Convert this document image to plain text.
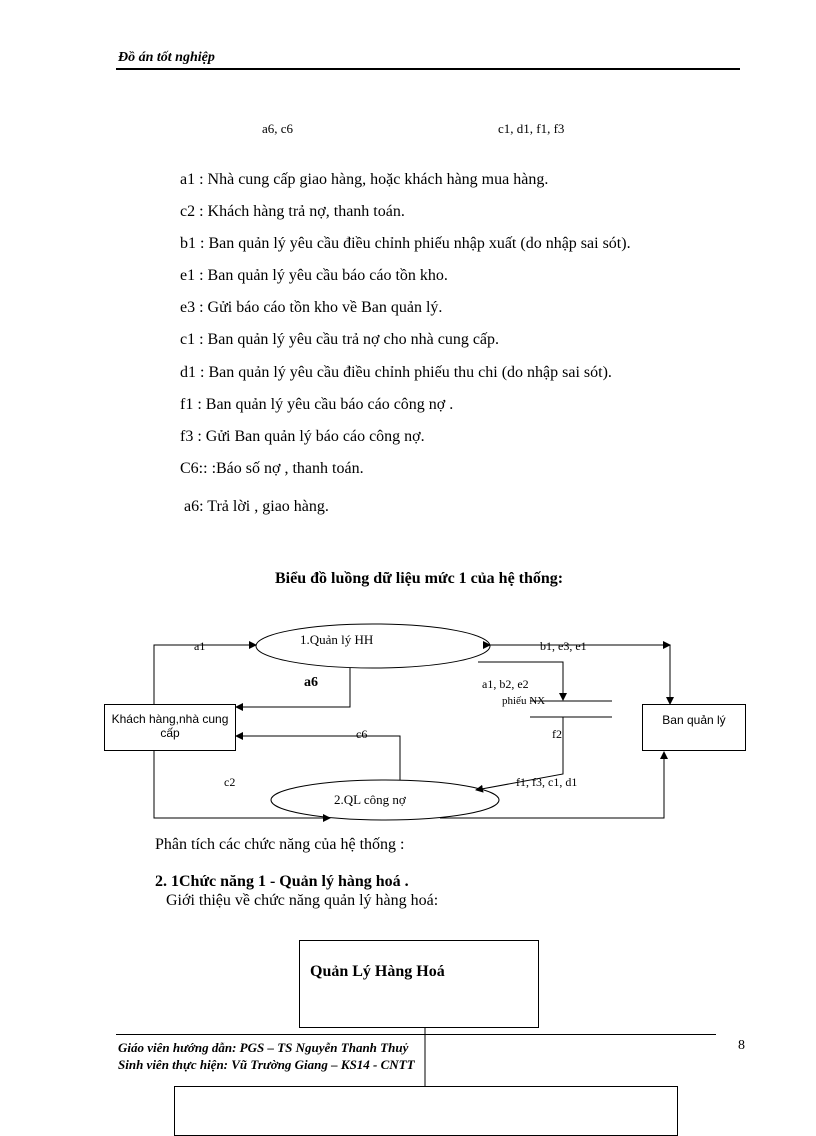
Đồ án tốt nghiệp
a6, c6	c1, d1, f1, f3
a1 : Nhà cung cấp giao hàng, hoặc khách hàng mua hàng.
c2 : Khách hàng trả nợ, thanh toán.
b1 : Ban quản lý yêu cầu điều chỉnh phiếu nhập xuất (do nhập sai sót).
e1 : Ban quản lý yêu cầu báo cáo tồn kho.
e3 : Gửi báo cáo tồn kho về Ban quản lý.
c1 : Ban quản lý yêu cầu trả nợ cho nhà cung cấp.
d1 : Ban quản lý yêu cầu điều chỉnh phiếu thu chi (do nhập sai sót).
f1 : Ban quản lý yêu cầu báo cáo công nợ .
f3 : Gửi Ban quản lý báo cáo công nợ.
C6:: :Báo số nợ , thanh toán.
a6: Trả lời , giao hàng.
Biểu đồ luồng dữ liệu mức 1 của hệ thống:
Khách hàng,nhà cung cấp
Ban quản lý
1.Quản lý HH
2.QL công nợ
a1
a6
b1, e3, e1
a1, b2, e2
phiếu NX
c6	f2
c2	f1, f3, c1, d1
Phân tích các chức năng của hệ thống :
2. 1Chức năng 1 - Quản lý hàng hoá .
Giới thiệu về chức năng quản lý hàng hoá:
Quản Lý Hàng Hoá
Giáo viên hướng dẫn: PGS – TS Nguyễn Thanh Thuỷ
Sinh viên thực hiện: Vũ Trường Giang – KS14 - CNTT
8
